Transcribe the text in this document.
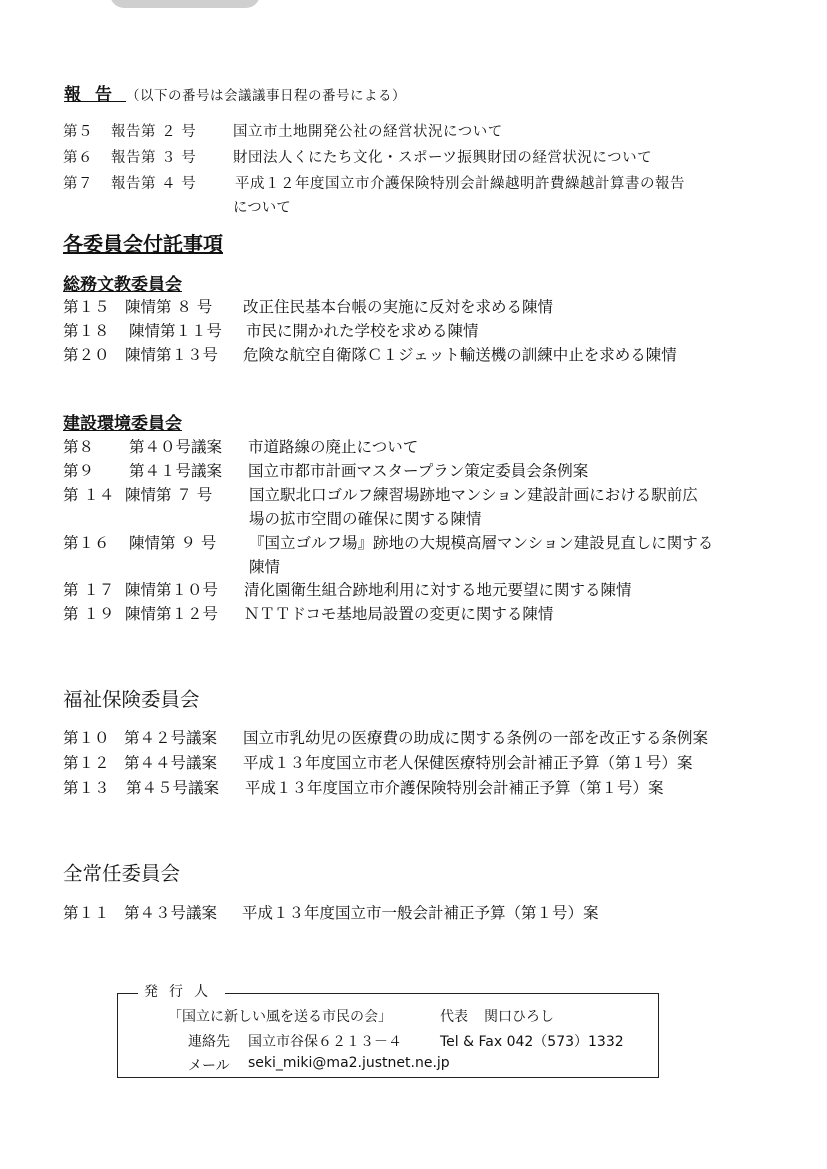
報告（以下の番号は会議議事日程の番号による）
第５ 報告第 ２ 号	国立市土地開発公社の経営状況について
第６ 報告第 ３ 号	財団法人くにたち文化・スポーツ振興財団の経営状況について
第７ 報告第 ４ 号	平成１２年度国立市介護保険特別会計繰越明許費繰越計算書の報告
について
各委員会付託事項
総務文教委員会
第１５ 陳情第 ８ 号 改正住民基本台帳の実施に反対を求める陳情
第１８ 陳情第１１号 市民に開かれた学校を求める陳情
第２０ 陳情第１３号 危険な航空自衛隊Ｃ１ジェット輸送機の訓練中止を求める陳情
建設環境委員会
第８ 第４０号議案 市道路線の廃止について
第９ 第４１号議案 国立市都市計画マスタープラン策定委員会条例案
第 １４ 陳情第 ７ 号 国立駅北口ゴルフ練習場跡地マンション建設計画における駅前広
場の拡市空間の確保に関する陳情
第１６ 陳情第 ９ 号 『国立ゴルフ場』跡地の大規模高層マンション建設見直しに関する
陳情
第 １７ 陳情第１０号 清化園衛生組合跡地利用に対する地元要望に関する陳情
第 １９ 陳情第１２号 ＮＴＴドコモ基地局設置の変更に関する陳情
福祉保険委員会
第１０ 第４２号議案 国立市乳幼児の医療費の助成に関する条例の一部を改正する条例案
第１２ 第４４号議案 平成１３年度国立市老人保健医療特別会計補正予算（第１号）案
第１３ 第４５号議案 平成１３年度国立市介護保険特別会計補正予算（第１号）案
全常任委員会
第１１ 第４３号議案 平成１３年度国立市一般会計補正予算（第１号）案
発行人
「国立に新しい風を送る市民の会」	代表 関口ひろし
連絡先 国立市谷保６２１３－４	Tel & Fax 042（573）1332
メール seki_miki@ma2.justnet.ne.jp
